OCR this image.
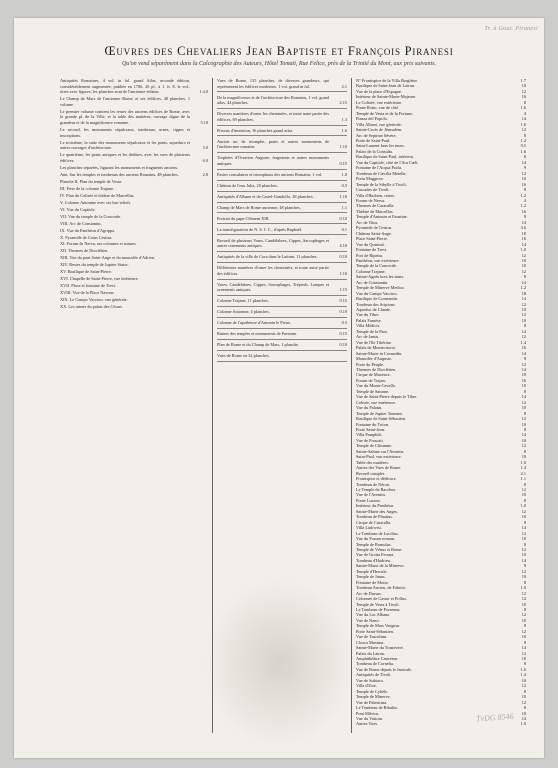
Tr. à Gout. Piranesi
Œuvres des Chevaliers Jean Baptiste et François Piranesi
Qu'on vend séparément dans la Calcographie des Auteurs, Hôtel Tomati, Rue Felice, près de la Trinité du Mont, aux prix suivants.
Antiquités Romaines, 4 vol. in fol. grand Atlas, seconde édition, considérablement augmentée, publiée en 1786, 26 pl., à 1. fr. 8. le vol., titres avec figures; les planches sont de l'ancienne édition.	1.4.0
Le Champ de Mars de l'ancienne Rome, et ses édifices, 48 planches, 1 volume.
Le premier volume contient les restes des anciens édifices de Rome, avec la grande pl. de la Ville, et la table des matières; ouvrage digne de la grandeur et de la magnificence romaine.	5.10
Le second, les monuments sépulcraux, tombeaux, urnes, cippes et inscriptions.
Le troisième, la suite des monuments sépulcraux et les ponts, aqueducs et autres ouvrages d'architecture.	5.0
Le quatrième, les ponts antiques et les théâtres, avec les vues de plusieurs édifices.	6.0
Les planches séparées, figurant les monuments et fragments anciens.
Ann. Sur les temples et tombeaux des anciens Romains, 48 planches.	2.8
Planche II. Plan du temple de Vesta.
III. Frise de la colonne Trajane.
IV. Plan du Colisée et théâtre de Marcellus.
V. Colonne Antonine avec ses bas-reliefs.
VI. Vue du Capitole.
VII. Vue du temple de la Concorde.
VIII. Arc de Constantin.
IX. Vue du Panthéon d'Agrippa.
X. Pyramide de Caius Cestius.
XI. Forum de Nerva, ses colonnes et statues.
XII. Thermes de Dioclétien.
XIII. Vue du pont Saint-Ange et du mausolée d'Adrien.
XIV. Restes du temple de Jupiter Stator.
XV. Basilique de Saint-Pierre.
XVI. Chapelle de Saint-Pierre, vue intérieure.
XVII. Place et fontaine de Trevi.
XVIII. Vue de la Place Navone.
XIX. Le Campo Vaccino, vue générale.
XX. Les ruines du palais des Césars.
Vues de Rome, 135 planches, de diverses grandeurs, qui représentent les édifices modernes, 1 vol. grand in fol.	2.1
De la magnificence et de l'architecture des Romains, 1 vol. grand atlas, 44 planches.	2.15
Diverses manières d'orner les cheminées, et toute autre partie des édifices, 69 planches.	1.3
Prisons d'invention, 16 planches grand atlas.	1.6
Ancien arc de triomphe, ponts et autres monuments de l'architecture romaine.	1.10
Trophées d'Octavien Auguste, fragments et autres monuments antiques.	0.15
Fastes consulaires et triomphaux des anciens Romains, 1 vol.	1.0
Château de l'eau Julia, 20 planches.	0.5
Antiquités d'Albane et de Castel-Gandolfo, 28 planches.	1.10
Champ de Mars de Rome ancienne, 48 planches.	1.1
Portrait du pape Clément XIII.	0.10
La transfiguration de N. S. J. C., d'après Raphaël.	0.1
Recueil de plusieurs Vases, Candélabres, Cippes, Sarcophages et autres ornements antiques.	4.10
Antiquités de la ville de Cora dans le Latium, 11 planches.	0.10
Différentes manières d'orner les cheminées, et toute autre partie des édifices.	1.10
Vases, Candélabres, Cippes, Sarcophages, Trépieds, Lampes et ornements antiques.	1.15
Colonne Trajane, 11 planches.	0.15
Colonne Antonine, 4 planches.	0.10
Colonne de l'apothéose d'Antonin le Pieux.	0.5
Ruines des temples et monuments de Paestum.	0.15
Plan de Rome et du Champ de Mars, 1 planche.	0.10
Vues de Rome en 32 planches.
N° Frontispice de la Villa Borghèse.	1.7
Basilique de Saint-Jean de Latran.	10
Vue de la place d'Espagne.	12
Intérieur de Sainte-Marie-Majeure.	16
Le Colisée, vue extérieure.	8
Ponte Rotto, vue de côté.	1.6
Temple de Vesta et de la Fortune.	4
Piazza del Popolo.	14
Villa Albani, vue générale.	1.6
Sainte-Croix de Jérusalem.	12
Arc de Septime Sévère.	8
Porte de Saint-Paul.	1.2
Saint-Laurent hors les murs.	0.5
Palais de la Consulta.	1.6
Basilique de Saint-Paul, intérieur.	8
Vue du Capitole, côté de l'Ara Cœli.	14
Fontaine de l'Acqua Paola.	9
Tombeau de Cæcilia Metella.	12
Porta Maggiore.	10
Temple de la Sibylle à Tivoli.	16
Cascades de Tivoli.	8
Villa d'Hadrien, restes.	1.2
Forum de Nerva.	4
Thermes de Caracalla.	1.2
Théâtre de Marcellus.	16
Temple d'Antonin et Faustine.	8
Arc de Titus.	14
Pyramide de Cestius.	3.6
Château Saint-Ange.	18
Place Saint-Pierre.	16
Vue du Quirinal.	14
Fontaine de Trevi.	1.0
Port de Ripetta.	12
Panthéon, vue extérieure.	10
Temple de la Concorde.	10
Colonne Trajane.	12
Sainte-Agnès hors les murs.	8
Arc de Constantin.	14
Temple de Minerve Medica.	1.2
Vue du Campo Vaccino.	18
Basilique de Constantin.	14
Tombeau des Scipions.	12
Aqueduc de Claude.	10
Vue du Tibre.	12
Palais Farnèse.	10
Villa Médicis.	8
Temple de la Paix.	14
Arc de Janus.	12
Vue de l'île Tibérine.	1.4
Palais de Montecitorio.	16
Sainte-Marie in Cosmedin.	14
Mausolée d'Auguste.	8
Porte du Peuple.	12
Thermes de Dioclétien.	14
Cirque de Maxence.	10
Forum de Trajan.	16
Vue du Monte Cavallo.	10
Temple de Saturne.	8
Vue de Saint-Pierre depuis le Tibre.	14
Colisée, vue intérieure.	12
Vue du Palatin.	10
Temple de Jupiter Tonnant.	8
Basilique de Saint-Sébastien.	12
Fontaine du Triton.	10
Porte Saint-Jean.	8
Villa Pamphili.	14
Vue de Frascati.	10
Temple de Clitumne.	12
Sainte-Sabine sur l'Aventin.	8
Saint-Paul, vue extérieure.	10
Table des matières.	1.6
Autres des Vues de Rome.	1.4
Recueil complet.	2.1
Frontispice et dédicace.	1.1
Tombeau de Néron.	8
Le Temple de Bacchus.	12
Vue de l'Aventin.	10
Ponte Lucano.	8
Intérieur du Panthéon.	1.0
Sainte-Marie des Anges.	12
Tombeau de Plautius.	10
Cirque de Caracalla.	8
Villa Ludovisi.	14
Le Tombeau de Lucilius.	12
Vue du Forum romain.	10
Temple de Romulus.	8
Temple de Vénus et Rome.	12
Vue de Grotta Ferrata.	10
Tombeau d'Hadrien.	14
Sainte-Marie de la Minerve.	8
Temple d'Hercule.	12
Temple de Janus.	10
Fontaine de Moïse.	8
Tombeau Ancien, de Fabrice.	1.0
Arc de Drusus.	12
Colonnes de Castor et Pollux.	14
Temple de Vesta à Tivoli.	10
Le Tombeau de Porsenna.	8
Vue du Lac Albano.	12
Vue de Nemi.	10
Temple de Mars Vengeur.	8
Porte Saint-Sébastien.	12
Vue de Tusculum.	10
Cloaca Maxima.	8
Sainte-Marie du Trastevere.	14
Palais du Latran.	12
Amphithéâtre Castrense.	10
Tombeau de Cornelia.	8
Vue de Rome depuis le Janicule.	1.6
Antiquités de Tivoli.	1.4
Vue de Subiaco.	10
Villa d'Este.	12
Temple de Cybèle.	8
Temple de Minerve.	10
Vue de Palestrina.	12
Le Tombeau de Bibulus.	8
Pont Milvius.	10
Vue du Vatican.	14
Autres Vues.	1.0
TvDG 8546
